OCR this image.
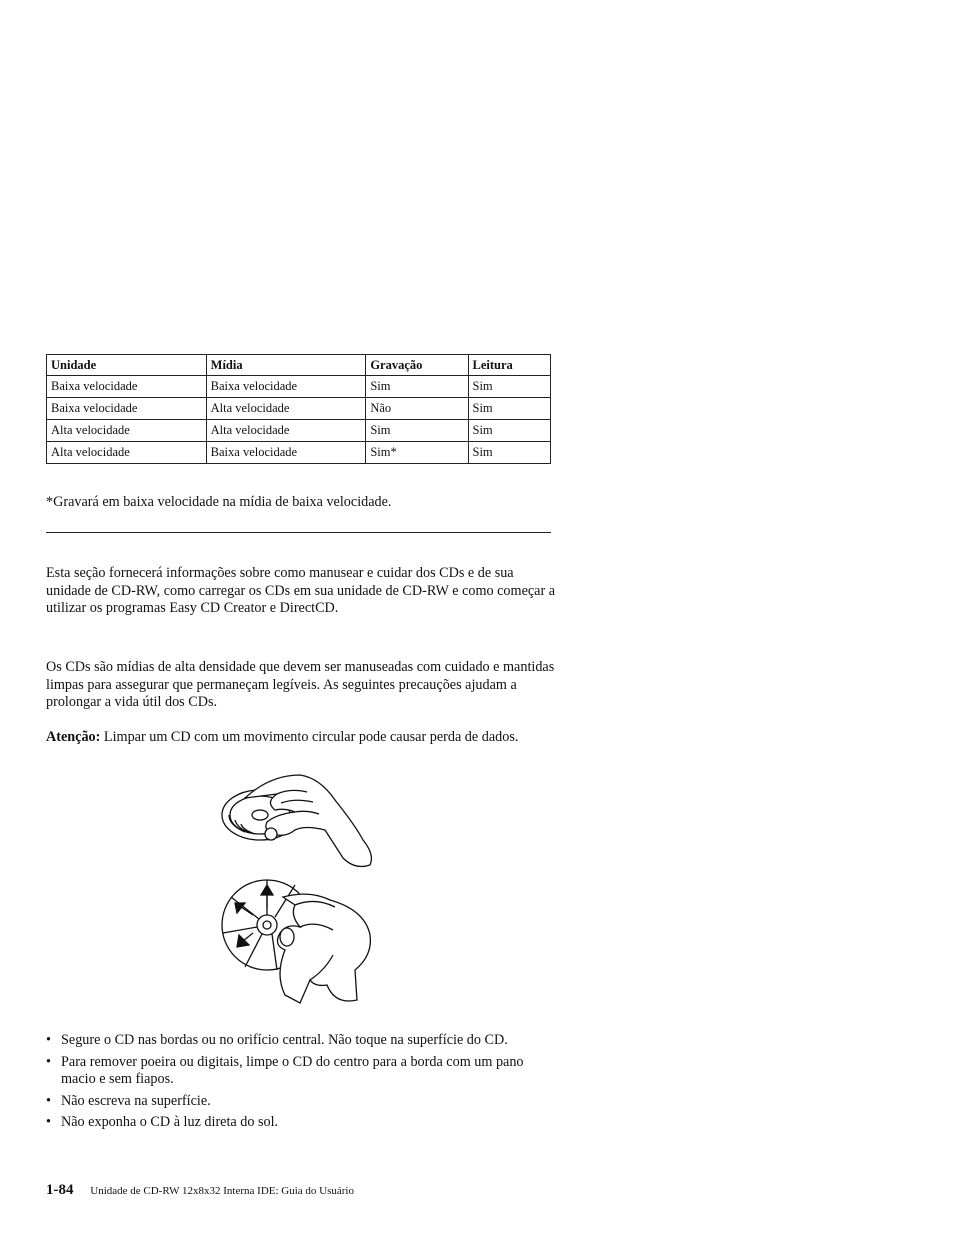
Unidade	Mídia	Gravação	Leitura
Baixa velocidade	Baixa velocidade	Sim	Sim
Baixa velocidade	Alta velocidade	Não	Sim
Alta velocidade	Alta velocidade	Sim	Sim
Alta velocidade	Baixa velocidade	Sim*	Sim
*Gravará em baixa velocidade na mídia de baixa velocidade.
Esta seção fornecerá informações sobre como manusear e cuidar dos CDs e de sua unidade de CD-RW, como carregar os CDs em sua unidade de CD-RW e como começar a utilizar os programas Easy CD Creator e DirectCD.
Os CDs são mídias de alta densidade que devem ser manuseadas com cuidado e mantidas limpas para assegurar que permaneçam legíveis. As seguintes precauções ajudam a prolongar a vida útil dos CDs.
Atenção: Limpar um CD com um movimento circular pode causar perda de dados.
• Segure o CD nas bordas ou no orifício central. Não toque na superfície do CD.
• Para remover poeira ou digitais, limpe o CD do centro para a borda com um pano macio e sem fiapos.
• Não escreva na superfície.
• Não exponha o CD à luz direta do sol.
1-84 Unidade de CD-RW 12x8x32 Interna IDE: Guia do Usuário
